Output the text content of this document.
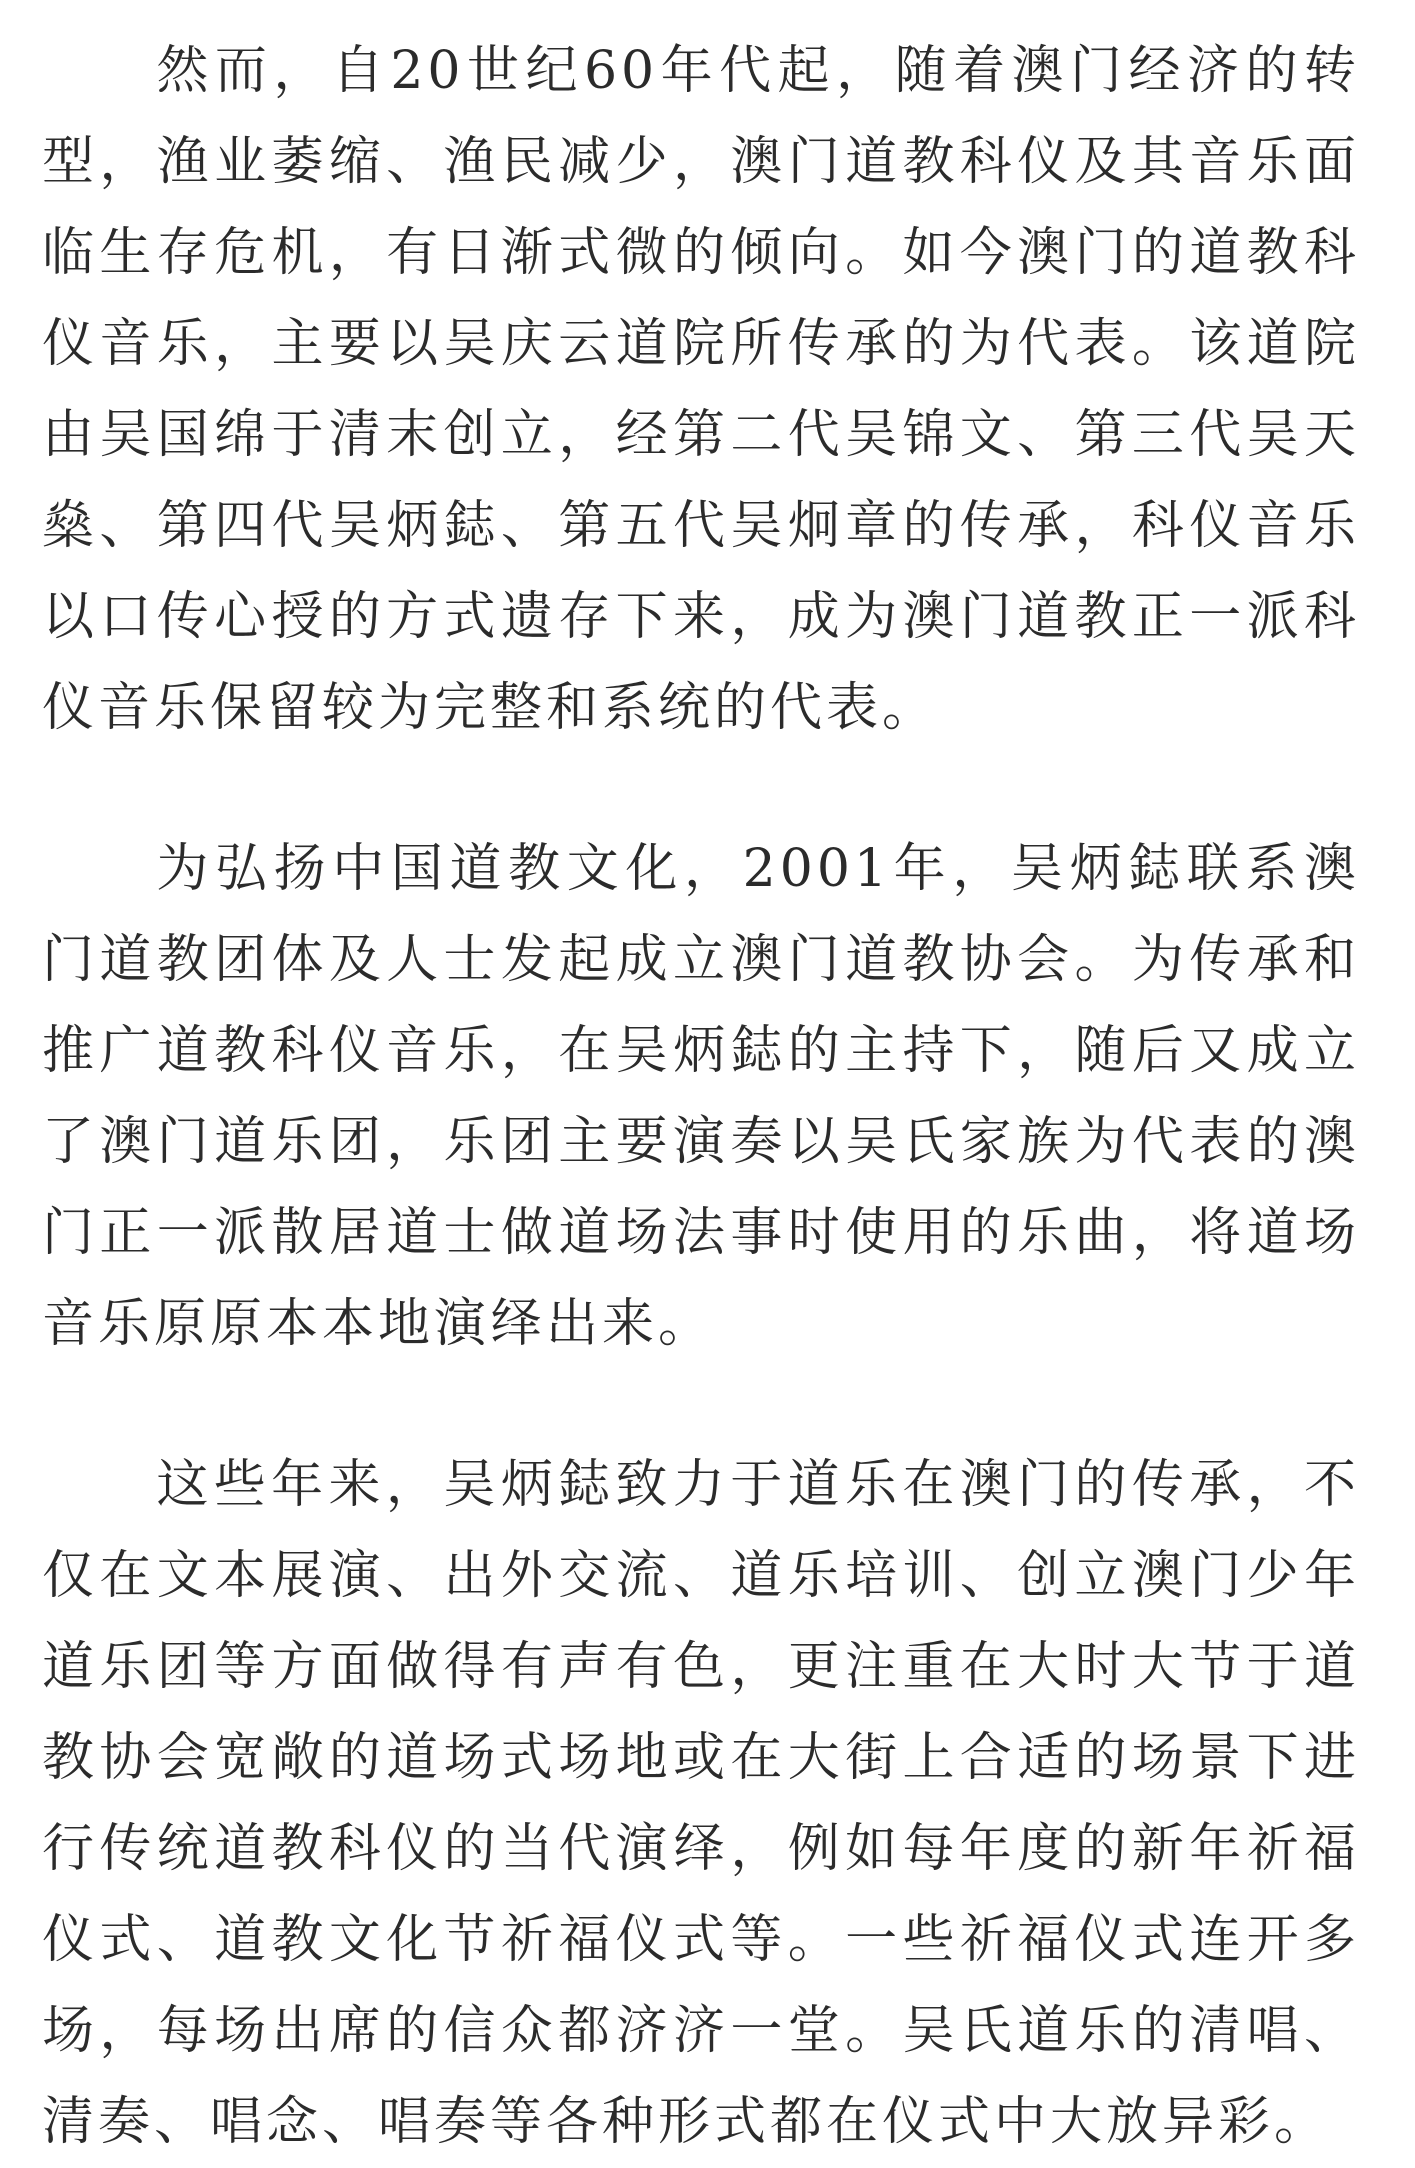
然而，自20世纪60年代起，随着澳门经济的转型，渔业萎缩、渔民减少，澳门道教科仪及其音乐面临生存危机，有日渐式微的倾向。如今澳门的道教科仪音乐，主要以吴庆云道院所传承的为代表。该道院由吴国绵于清末创立，经第二代吴锦文、第三代吴天燊、第四代吴炳鋕、第五代吴炯章的传承，科仪音乐以口传心授的方式遗存下来，成为澳门道教正一派科仪音乐保留较为完整和系统的代表。

为弘扬中国道教文化，2001年，吴炳鋕联系澳门道教团体及人士发起成立澳门道教协会。为传承和推广道教科仪音乐，在吴炳鋕的主持下，随后又成立了澳门道乐团，乐团主要演奏以吴氏家族为代表的澳门正一派散居道士做道场法事时使用的乐曲，将道场音乐原原本本地演绎出来。

这些年来，吴炳鋕致力于道乐在澳门的传承，不仅在文本展演、出外交流、道乐培训、创立澳门少年道乐团等方面做得有声有色，更注重在大时大节于道教协会宽敞的道场式场地或在大街上合适的场景下进行传统道教科仪的当代演绎，例如每年度的新年祈福仪式、道教文化节祈福仪式等。一些祈福仪式连开多场，每场出席的信众都济济一堂。吴氏道乐的清唱、清奏、唱念、唱奏等各种形式都在仪式中大放异彩。
